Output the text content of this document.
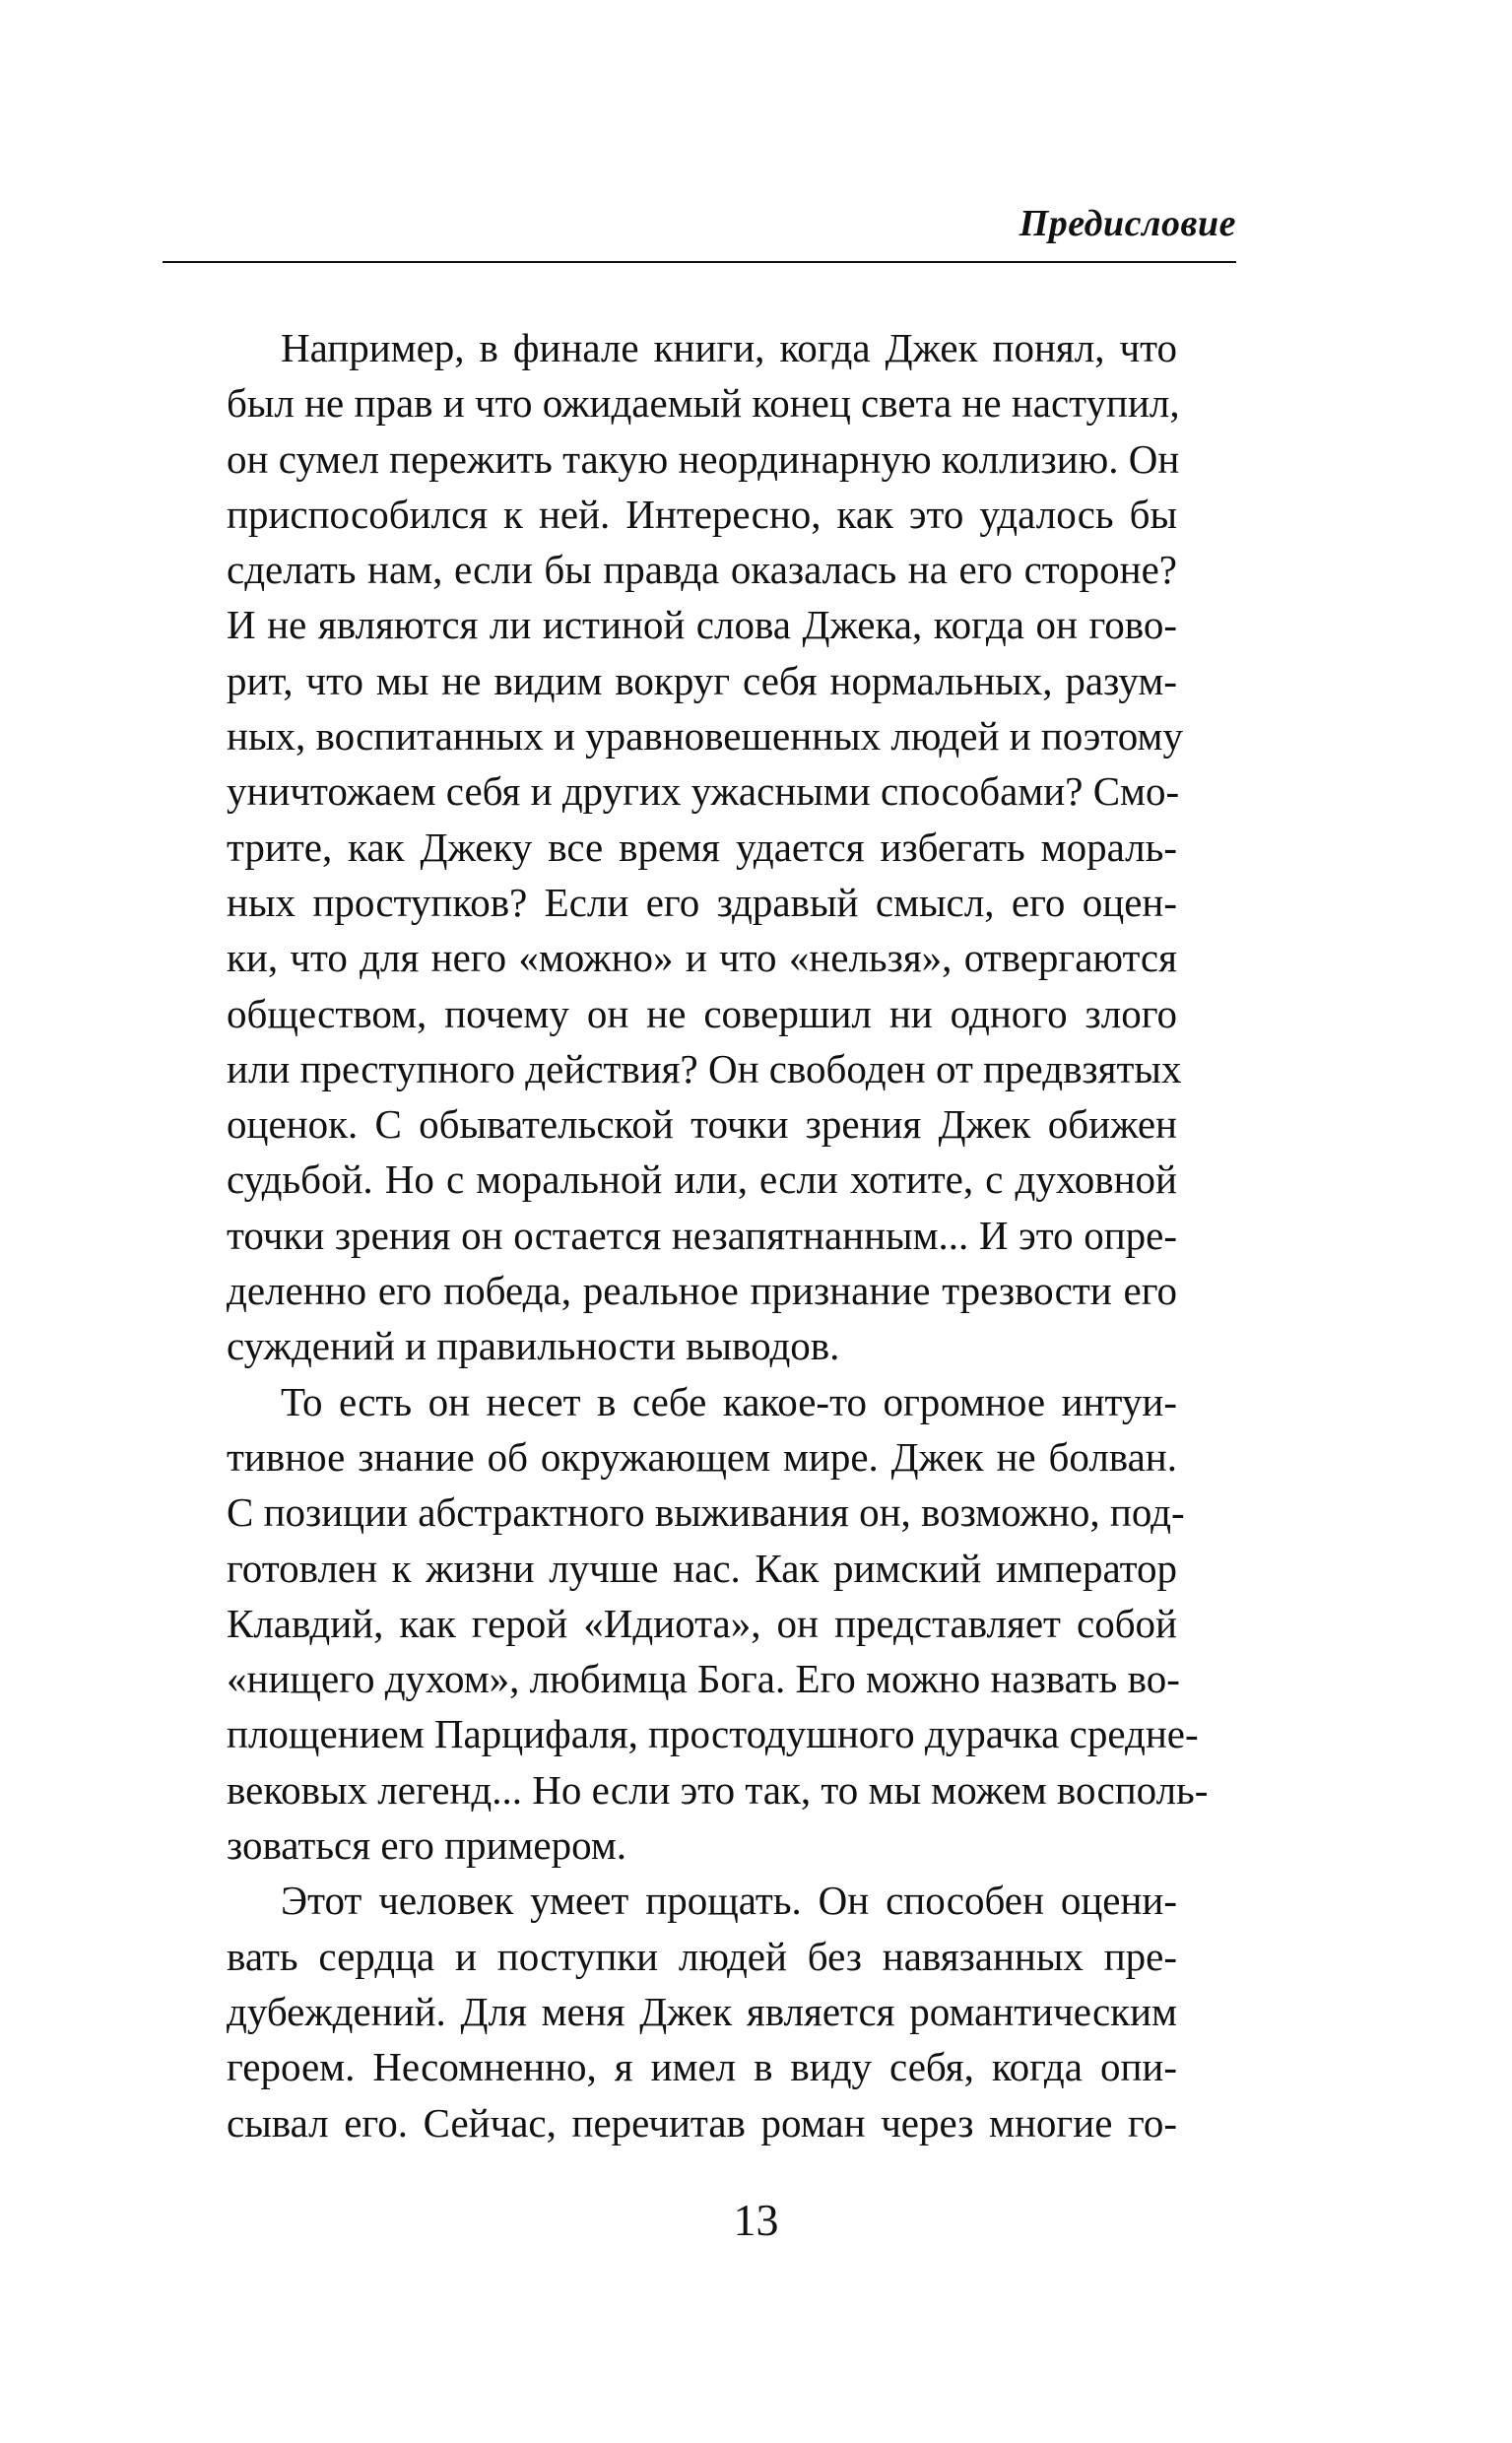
Предисловие
Например, в финале книги, когда Джек понял, что
был не прав и что ожидаемый конец света не наступил,
он сумел пережить такую неординарную коллизию. Он
приспособился к ней. Интересно, как это удалось бы
сделать нам, если бы правда оказалась на его стороне?
И не являются ли истиной слова Джека, когда он гово-
рит, что мы не видим вокруг себя нормальных, разум-
ных, воспитанных и уравновешенных людей и поэтому
уничтожаем себя и других ужасными способами? Смо-
трите, как Джеку все время удается избегать мораль-
ных проступков? Если его здравый смысл, его оцен-
ки, что для него «можно» и что «нельзя», отвергаются
обществом, почему он не совершил ни одного злого
или преступного действия? Он свободен от предвзятых
оценок. С обывательской точки зрения Джек обижен
судьбой. Но с моральной или, если хотите, с духовной
точки зрения он остается незапятнанным... И это опре-
деленно его победа, реальное признание трезвости его
суждений и правильности выводов.
То есть он несет в себе какое-то огромное интуи-
тивное знание об окружающем мире. Джек не болван.
С позиции абстрактного выживания он, возможно, под-
готовлен к жизни лучше нас. Как римский император
Клавдий, как герой «Идиота», он представляет собой
«нищего духом», любимца Бога. Его можно назвать во-
площением Парцифаля, простодушного дурачка средне-
вековых легенд... Но если это так, то мы можем восполь-
зоваться его примером.
Этот человек умеет прощать. Он способен оцени-
вать сердца и поступки людей без навязанных пре-
дубеждений. Для меня Джек является романтическим
героем. Несомненно, я имел в виду себя, когда опи-
сывал его. Сейчас, перечитав роман через многие го-
13
